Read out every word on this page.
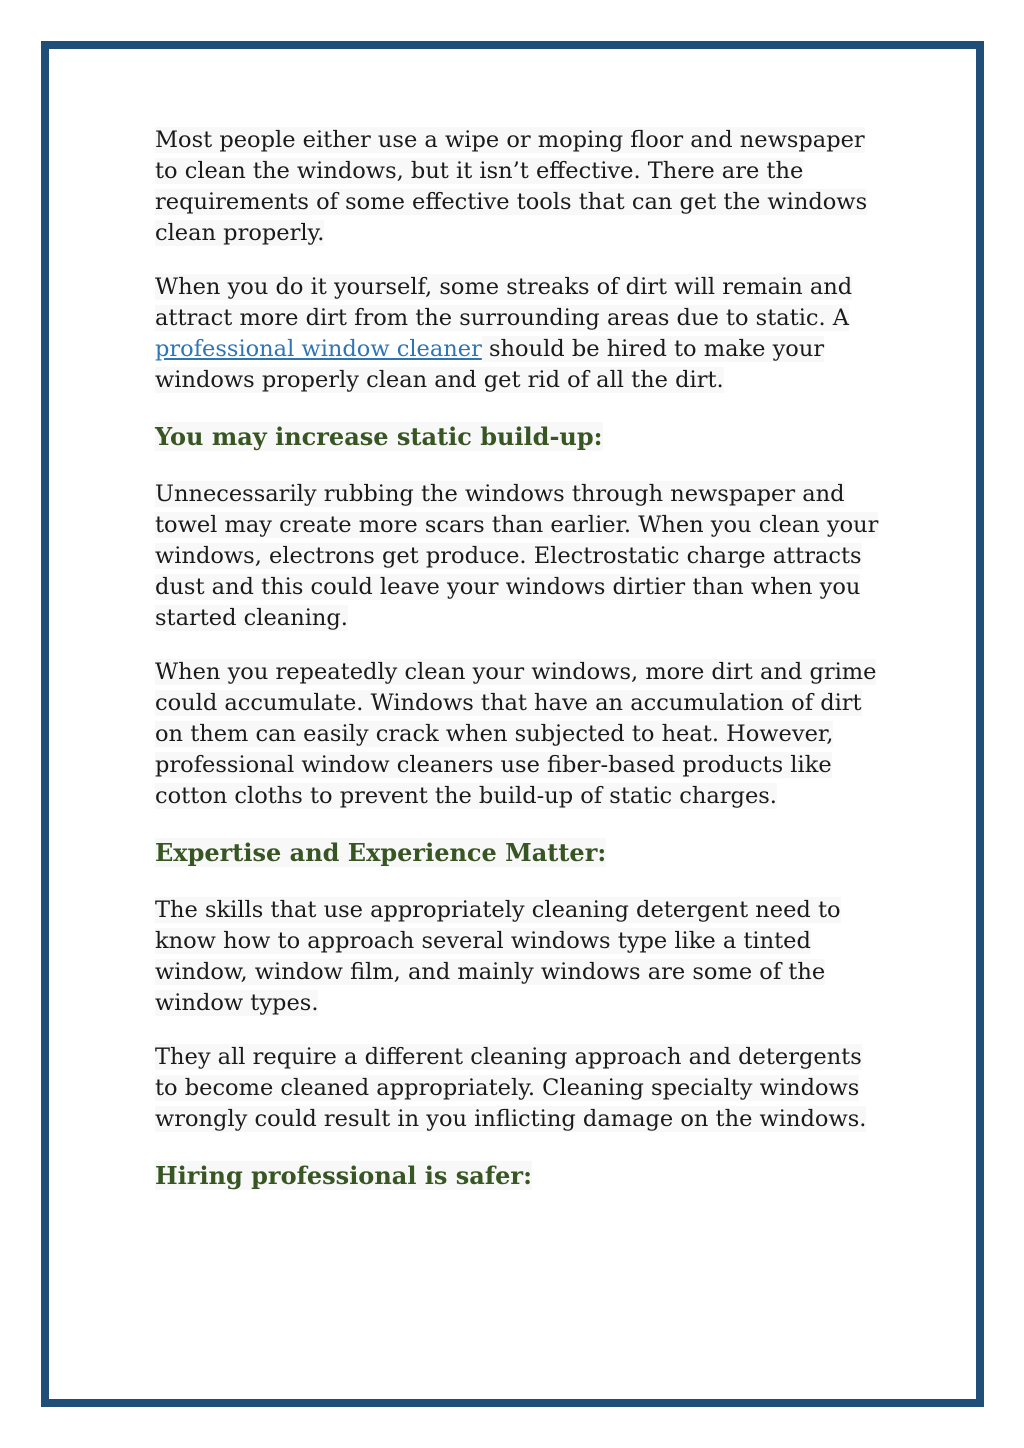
Most people either use a wipe or moping floor and newspaper to clean the windows, but it isn’t effective. There are the requirements of some effective tools that can get the windows clean properly.

When you do it yourself, some streaks of dirt will remain and attract more dirt from the surrounding areas due to static. A professional window cleaner should be hired to make your windows properly clean and get rid of all the dirt.

You may increase static build-up:

Unnecessarily rubbing the windows through newspaper and towel may create more scars than earlier. When you clean your windows, electrons get produce. Electrostatic charge attracts dust and this could leave your windows dirtier than when you started cleaning.

When you repeatedly clean your windows, more dirt and grime could accumulate. Windows that have an accumulation of dirt on them can easily crack when subjected to heat. However, professional window cleaners use fiber-based products like cotton cloths to prevent the build-up of static charges.

Expertise and Experience Matter:

The skills that use appropriately cleaning detergent need to know how to approach several windows type like a tinted window, window film, and mainly windows are some of the window types.

They all require a different cleaning approach and detergents to become cleaned appropriately. Cleaning specialty windows wrongly could result in you inflicting damage on the windows.

Hiring professional is safer:
